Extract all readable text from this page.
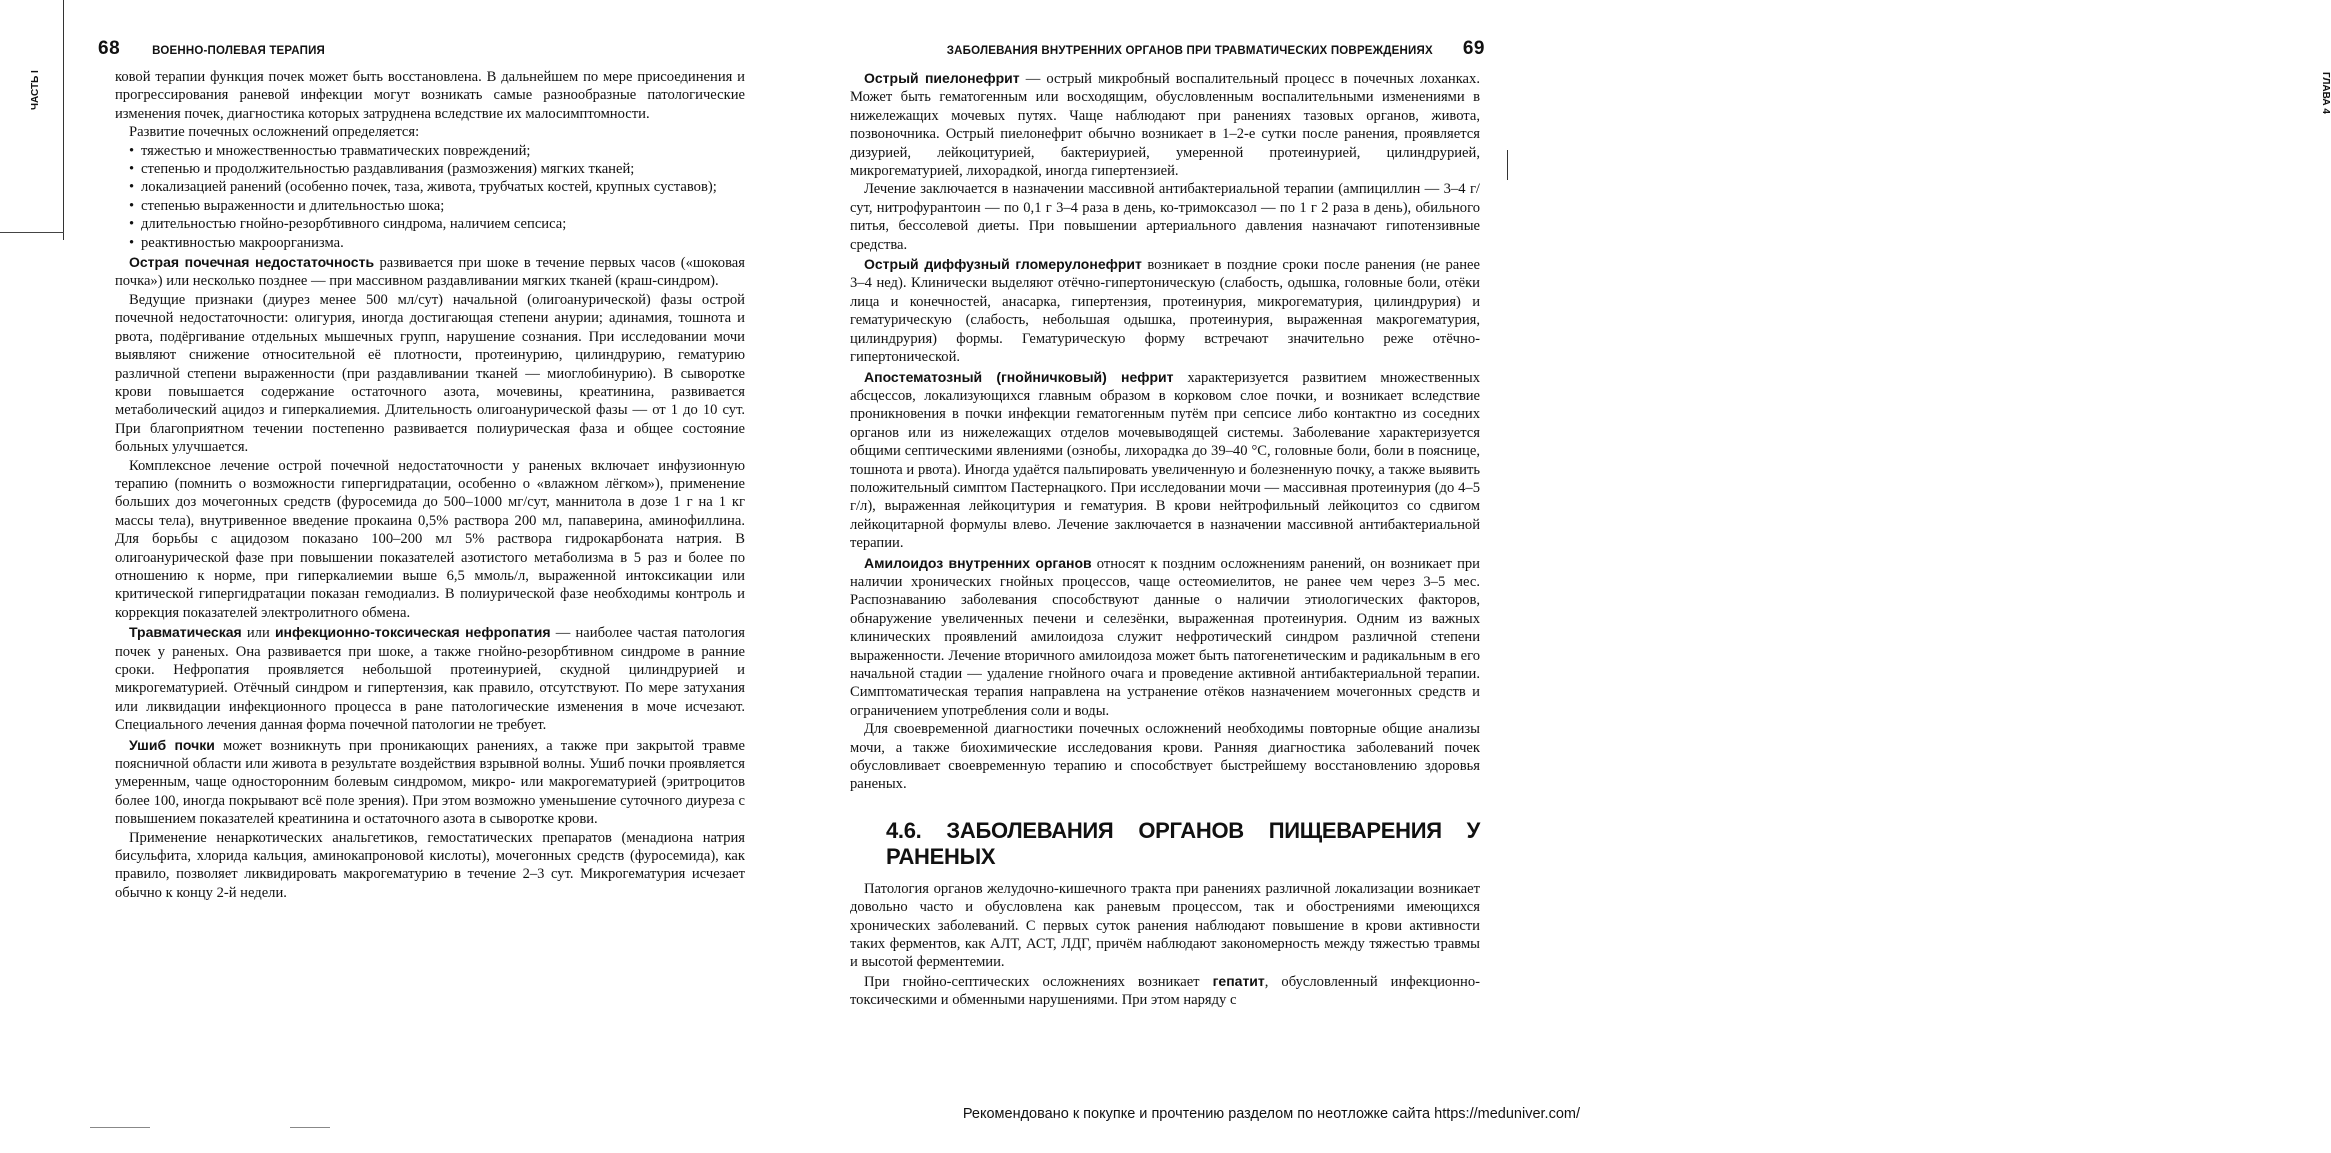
ЧАСТЬ I
68	ВОЕННО-ПОЛЕВАЯ ТЕРАПИЯ

ковой терапии функция почек может быть восстановлена. В дальнейшем по мере присоединения и прогрессирования раневой инфекции могут возникать самые разнообразные патологические изменения почек, диагностика которых затруднена вследствие их малосимптомности.

Развитие почечных осложнений определяется:

• тяжестью и множественностью травматических повреждений;
• степенью и продолжительностью раздавливания (размозжения) мягких тканей;
• локализацией ранений (особенно почек, таза, живота, трубчатых костей, крупных суставов);
• степенью выраженности и длительностью шока;
• длительностью гнойно-резорбтивного синдрома, наличием сепсиса;
• реактивностью макроорганизма.

Острая почечная недостаточность развивается при шоке в течение первых часов («шоковая почка») или несколько позднее — при массивном раздавливании мягких тканей (краш-синдром).

Ведущие признаки (диурез менее 500 мл/сут) начальной (олигоанурической) фазы острой почечной недостаточности: олигурия, иногда достигающая степени анурии; адинамия, тошнота и рвота, подёргивание отдельных мышечных групп, нарушение сознания. При исследовании мочи выявляют снижение относительной её плотности, протеинурию, цилиндрурию, гематурию различной степени выраженности (при раздавливании тканей — миоглобинурию). В сыворотке крови повышается содержание остаточного азота, мочевины, креатинина, развивается метаболический ацидоз и гиперкалиемия. Длительность олигоанурической фазы — от 1 до 10 сут. При благоприятном течении постепенно развивается полиурическая фаза и общее состояние больных улучшается.

Комплексное лечение острой почечной недостаточности у раненых включает инфузионную терапию (помнить о возможности гипергидратации, особенно о «влажном лёгком»), применение больших доз мочегонных средств (фуросемида до 500–1000 мг/сут, маннитола в дозе 1 г на 1 кг массы тела), внутривенное введение прокаина 0,5% раствора 200 мл, папаверина, аминофиллина. Для борьбы с ацидозом показано 100–200 мл 5% раствора гидрокарбоната натрия. В олигоанурической фазе при повышении показателей азотистого метаболизма в 5 раз и более по отношению к норме, при гиперкалиемии выше 6,5 ммоль/л, выраженной интоксикации или критической гипергидратации показан гемодиализ. В полиурической фазе необходимы контроль и коррекция показателей электролитного обмена.

Травматическая или инфекционно-токсическая нефропатия — наиболее частая патология почек у раненых. Она развивается при шоке, а также гнойно-резорбтивном синдроме в ранние сроки. Нефропатия проявляется небольшой протеинурией, скудной цилиндрурией и микрогематурией. Отёчный синдром и гипертензия, как правило, отсутствуют. По мере затухания или ликвидации инфекционного процесса в ране патологические изменения в моче исчезают. Специального лечения данная форма почечной патологии не требует.

Ушиб почки может возникнуть при проникающих ранениях, а также при закрытой травме поясничной области или живота в результате воздействия взрывной волны. Ушиб почки проявляется умеренным, чаще односторонним болевым синдромом, микро- или макрогематурией (эритроцитов более 100, иногда покрывают всё поле зрения). При этом возможно уменьшение суточного диуреза с повышением показателей креатинина и остаточного азота в сыворотке крови.

Применение ненаркотических анальгетиков, гемостатических препаратов (менадиона натрия бисульфита, хлорида кальция, аминокапроновой кислоты), мочегонных средств (фуросемида), как правило, позволяет ликвидировать макрогематурию в течение 2–3 сут. Микрогематурия исчезает обычно к концу 2-й недели.

ЗАБОЛЕВАНИЯ ВНУТРЕННИХ ОРГАНОВ ПРИ ТРАВМАТИЧЕСКИХ ПОВРЕЖДЕНИЯХ 69

Острый пиелонефрит — острый микробный воспалительный процесс в почечных лоханках. Может быть гематогенным или восходящим, обусловленным воспалительными изменениями в нижележащих мочевых путях. Чаще наблюдают при ранениях тазовых органов, живота, позвоночника. Острый пиелонефрит обычно возникает в 1–2-е сутки после ранения, проявляется дизурией, лейкоцитурией, бактериурией, умеренной протеинурией, цилиндрурией, микрогематурией, лихорадкой, иногда гипертензией.

Лечение заключается в назначении массивной антибактериальной терапии (ампициллин — 3–4 г/сут, нитрофурантоин — по 0,1 г 3–4 раза в день, ко-тримоксазол — по 1 г 2 раза в день), обильного питья, бессолевой диеты. При повышении артериального давления назначают гипотензивные средства.

Острый диффузный гломерулонефрит возникает в поздние сроки после ранения (не ранее 3–4 нед). Клинически выделяют отёчно-гипертоническую (слабость, одышка, головные боли, отёки лица и конечностей, анасарка, гипертензия, протеинурия, микрогематурия, цилиндрурия) и гематурическую (слабость, небольшая одышка, протеинурия, выраженная макрогематурия, цилиндрурия) формы. Гематурическую форму встречают значительно реже отёчно-гипертонической.

Апостематозный (гнойничковый) нефрит характеризуется развитием множественных абсцессов, локализующихся главным образом в корковом слое почки, и возникает вследствие проникновения в почки инфекции гематогенным путём при сепсисе либо контактно из соседних органов или из нижележащих отделов мочевыводящей системы. Заболевание характеризуется общими септическими явлениями (ознобы, лихорадка до 39–40 °С, головные боли, боли в пояснице, тошнота и рвота). Иногда удаётся пальпировать увеличенную и болезненную почку, а также выявить положительный симптом Пастернацкого. При исследовании мочи — массивная протеинурия (до 4–5 г/л), выраженная лейкоцитурия и гематурия. В крови нейтрофильный лейкоцитоз со сдвигом лейкоцитарной формулы влево. Лечение заключается в назначении массивной антибактериальной терапии.

Амилоидоз внутренних органов относят к поздним осложнениям ранений, он возникает при наличии хронических гнойных процессов, чаще остеомиелитов, не ранее чем через 3–5 мес. Распознаванию заболевания способствуют данные о наличии этиологических факторов, обнаружение увеличенных печени и селезёнки, выраженная протеинурия. Одним из важных клинических проявлений амилоидоза служит нефротический синдром различной степени выраженности. Лечение вторичного амилоидоза может быть патогенетическим и радикальным в его начальной стадии — удаление гнойного очага и проведение активной антибактериальной терапии. Симптоматическая терапия направлена на устранение отёков назначением мочегонных средств и ограничением употребления соли и воды.

Для своевременной диагностики почечных осложнений необходимы повторные общие анализы мочи, а также биохимические исследования крови. Ранняя диагностика заболеваний почек обусловливает своевременную терапию и способствует быстрейшему восстановлению здоровья раненых.

4.6. ЗАБОЛЕВАНИЯ ОРГАНОВ ПИЩЕВАРЕНИЯ У РАНЕНЫХ

Патология органов желудочно-кишечного тракта при ранениях различной локализации возникает довольно часто и обусловлена как раневым процессом, так и обострениями имеющихся хронических заболеваний. С первых суток ранения наблюдают повышение в крови активности таких ферментов, как АЛТ, АСТ, ЛДГ, причём наблюдают закономерность между тяжестью травмы и высотой ферментемии.

При гнойно-септических осложнениях возникает гепатит, обусловленный инфекционно-токсическими и обменными нарушениями. При этом наряду с

ГЛАВА 4
Рекомендовано к покупке и прочтению разделом по неотложке сайта https://meduniver.com/
